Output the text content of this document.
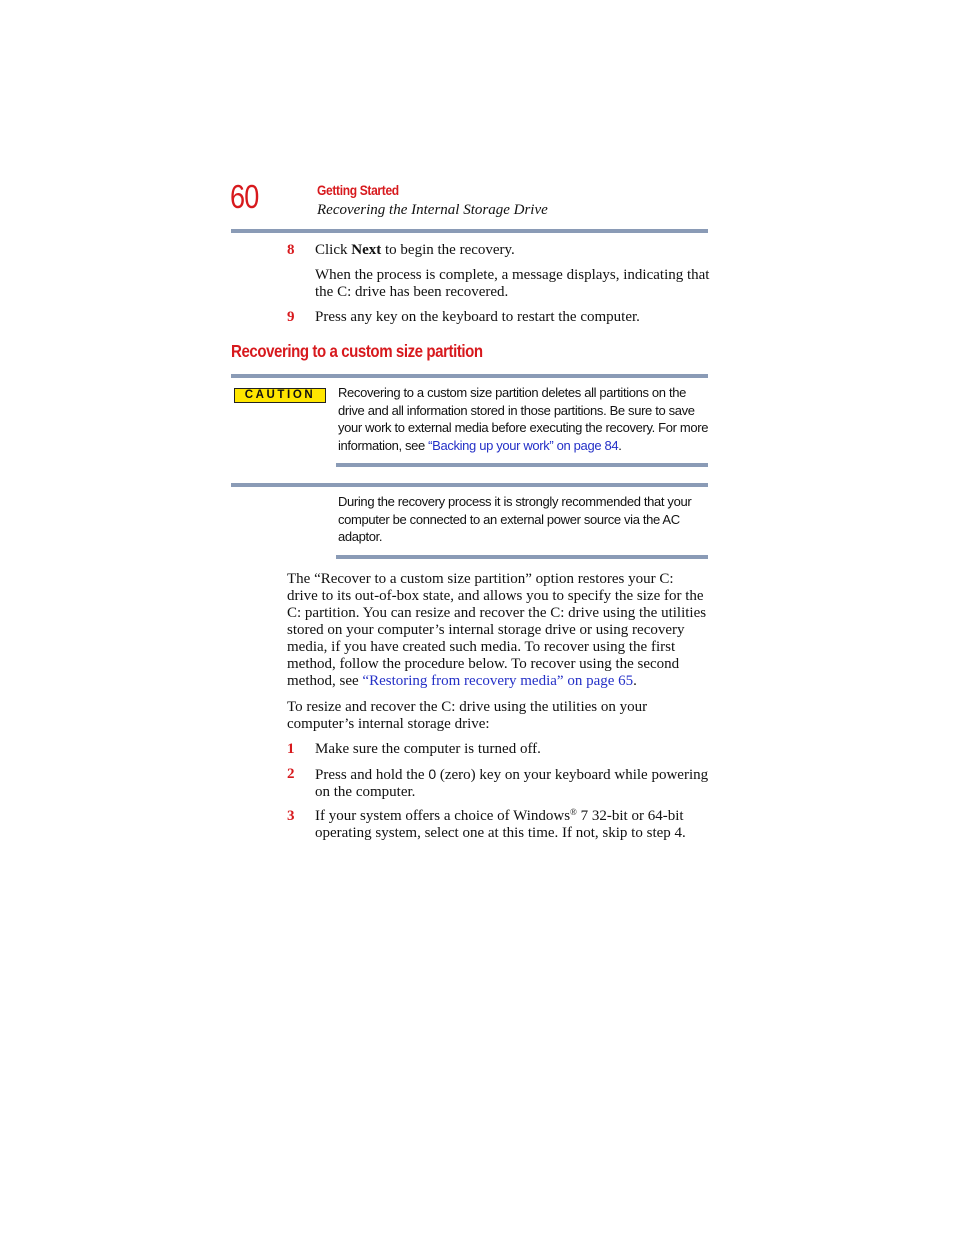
60	Getting Started
Recovering the Internal Storage Drive
8 Click Next to begin the recovery.
When the process is complete, a message displays, indicating that the C: drive has been recovered.
9 Press any key on the keyboard to restart the computer.
Recovering to a custom size partition
CAUTION	Recovering to a custom size partition deletes all partitions on the drive and all information stored in those partitions. Be sure to save your work to external media before executing the recovery. For more information, see “Backing up your work” on page 84.
During the recovery process it is strongly recommended that your computer be connected to an external power source via the AC adaptor.
The “Recover to a custom size partition” option restores your C: drive to its out-of-box state, and allows you to specify the size for the C: partition. You can resize and recover the C: drive using the utilities stored on your computer’s internal storage drive or using recovery media, if you have created such media. To recover using the first method, follow the procedure below. To recover using the second method, see “Restoring from recovery media” on page 65.
To resize and recover the C: drive using the utilities on your computer’s internal storage drive:
1 Make sure the computer is turned off.
2 Press and hold the 0 (zero) key on your keyboard while powering on the computer.
3 If your system offers a choice of Windows® 7 32-bit or 64-bit operating system, select one at this time. If not, skip to step 4.
